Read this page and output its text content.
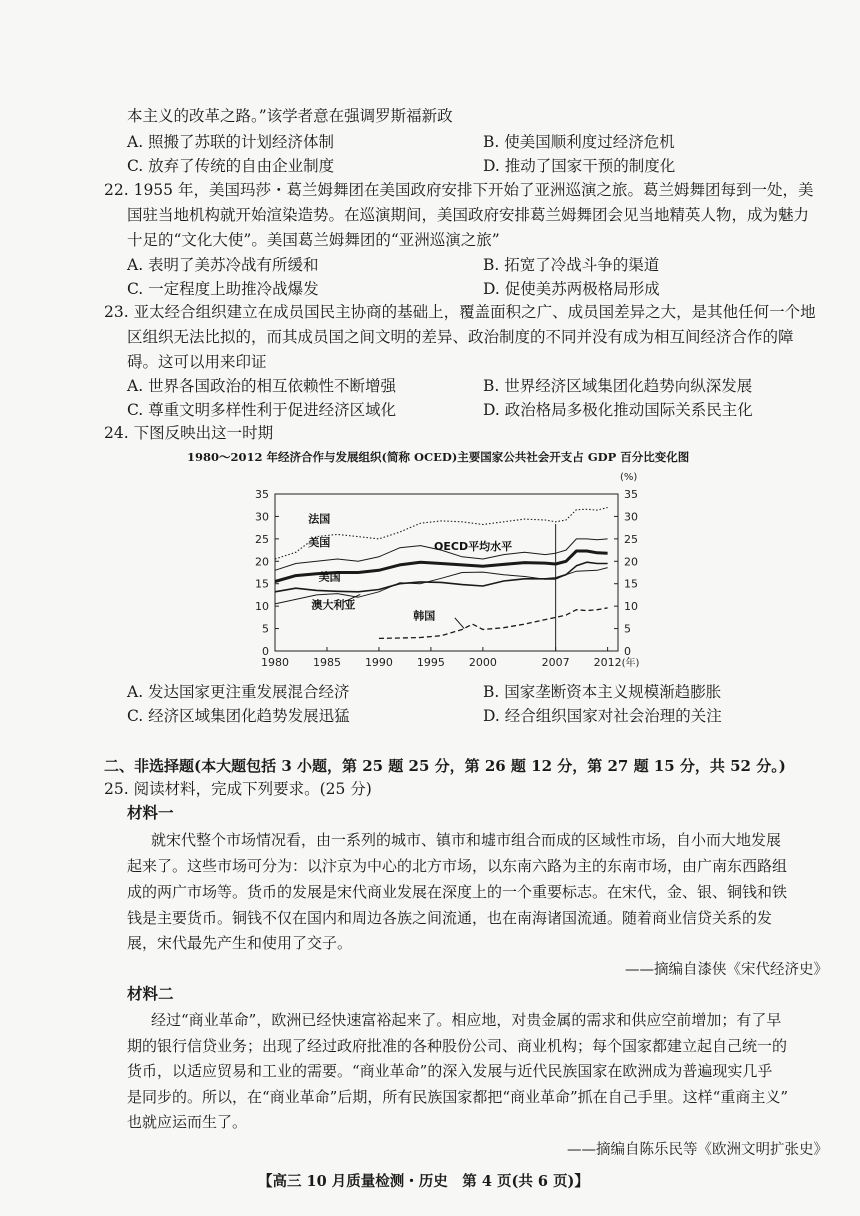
本主义的改革之路。”该学者意在强调罗斯福新政
A. 照搬了苏联的计划经济体制	B. 使美国顺利度过经济危机
C. 放弃了传统的自由企业制度	D. 推动了国家干预的制度化
22. 1955 年，美国玛莎・葛兰姆舞团在美国政府安排下开始了亚洲巡演之旅。葛兰姆舞团每到一处，美
国驻当地机构就开始渲染造势。在巡演期间，美国政府安排葛兰姆舞团会见当地精英人物，成为魅力
十足的“文化大使”。美国葛兰姆舞团的“亚洲巡演之旅”
A. 表明了美苏冷战有所缓和	B. 拓宽了冷战斗争的渠道
C. 一定程度上助推冷战爆发	D. 促使美苏两极格局形成
23. 亚太经合组织建立在成员国民主协商的基础上，覆盖面积之广、成员国差异之大，是其他任何一个地
区组织无法比拟的，而其成员国之间文明的差异、政治制度的不同并没有成为相互间经济合作的障
碍。这可以用来印证
A. 世界各国政治的相互依赖性不断增强	B. 世界经济区域集团化趋势向纵深发展
C. 尊重文明多样性利于促进经济区域化	D. 政治格局多极化推动国际关系民主化
24. 下图反映出这一时期
1980～2012 年经济合作与发展组织(简称 OCED)主要国家公共社会开支占 GDP 百分比变化图
0	0
5	5
10	10
15	15
20	20
25	25
30	30
35	35
(%)
1980 1985 1990 1995 2000	2007 2012 (年)
法国
美国	OECD平均水平
美国
澳大利亚
韩国
A. 发达国家更注重发展混合经济	B. 国家垄断资本主义规模渐趋膨胀
C. 经济区域集团化趋势发展迅猛	D. 经合组织国家对社会治理的关注
二、非选择题(本大题包括 3 小题，第 25 题 25 分，第 26 题 12 分，第 27 题 15 分，共 52 分。)
25. 阅读材料，完成下列要求。(25 分)
材料一
就宋代整个市场情况看，由一系列的城市、镇市和墟市组合而成的区域性市场，自小而大地发展
起来了。这些市场可分为：以汴京为中心的北方市场，以东南六路为主的东南市场，由广南东西路组
成的两广市场等。货币的发展是宋代商业发展在深度上的一个重要标志。在宋代，金、银、铜钱和铁
钱是主要货币。铜钱不仅在国内和周边各族之间流通，也在南海诸国流通。随着商业信贷关系的发
展，宋代最先产生和使用了交子。
——摘编自漆侠《宋代经济史》
材料二
经过“商业革命”，欧洲已经快速富裕起来了。相应地，对贵金属的需求和供应空前增加；有了早
期的银行信贷业务；出现了经过政府批准的各种股份公司、商业机构；每个国家都建立起自己统一的
货币，以适应贸易和工业的需要。“商业革命”的深入发展与近代民族国家在欧洲成为普遍现实几乎
是同步的。所以，在“商业革命”后期，所有民族国家都把“商业革命”抓在自己手里。这样“重商主义”
也就应运而生了。
——摘编自陈乐民等《欧洲文明扩张史》
【高三 10 月质量检测・历史　第 4 页(共 6 页)】
